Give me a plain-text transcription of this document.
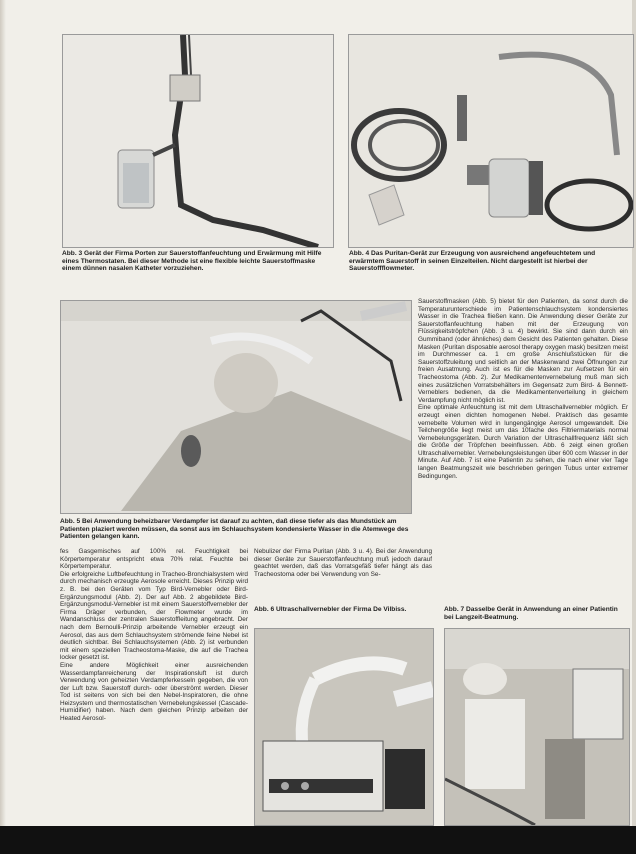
Abb. 3 Gerät der Firma Porten zur Sauerstoffanfeuchtung und Erwärmung mit Hilfe eines Thermostaten. Bei dieser Methode ist eine flexible leichte Sauerstoffmaske einem dünnen nasalen Katheter vorzuziehen.
Abb. 4 Das Puritan-Gerät zur Erzeugung von ausreichend angefeuchtetem und erwärmtem Sauerstoff in seinen Einzelteilen. Nicht dargestellt ist hierbei der Sauerstoffflowmeter.
Abb. 5 Bei Anwendung beheizbarer Verdampfer ist darauf zu achten, daß diese tiefer als das Mundstück am Patienten plaziert werden müssen, da sonst aus im Schlauchsystem kondensierte Wasser in die Atemwege des Patienten gelangen kann.

Sauerstoffmasken (Abb. 5) bietet für den Patienten, da sonst durch die Temperaturunterschiede im Patientenschlauchsystem kondensiertes Wasser in die Trachea fließen kann. Die Anwendung dieser Geräte zur Sauerstoffanfeuchtung haben mit der Erzeugung von Flüssigkeitströpfchen (Abb. 3 u. 4) bewirkt. Sie sind dann durch ein Gummiband (oder ähnliches) dem Gesicht des Patienten gehalten. Diese Masken (Puritan disposable aerosol therapy oxygen mask) besitzen meist im Durchmesser ca. 1 cm große Anschlußstücken für die Sauerstoffzuleitung und seitlich an der Maskenwand zwei Öffnungen zur freien Ausatmung. Auch ist es für die Masken zur Aufsetzen für ein Tracheostoma (Abb. 2). Zur Medikamentenvernebelung muß man sich eines zusätzlichen Vorratsbehälters im Gegensatz zum Bird- & Bennett-Verneblers bedienen, da die Medikamentenverteilung in gleichem Verdampfung nicht möglich ist.
Eine optimale Anfeuchtung ist mit dem Ultraschallvernebler möglich. Er erzeugt einen dichten homogenen Nebel. Praktisch das gesamte vernebelte Volumen wird in lungengängige Aerosol umgewandelt. Die Teilchengröße liegt meist um das 10fache des Filtriermaterials normal Vernebelungsgeräten. Durch Variation der Ultraschallfrequenz läßt sich die Größe der Tröpfchen beeinflussen. Abb. 6 zeigt einen großen Ultraschallvernebler. Vernebelungsleistungen über 600 ccm Wasser in der Minute. Auf Abb. 7 ist eine Patientin zu sehen, die nach einer vier Tage langen Beatmungszeit wie beschrieben geringen Tubus unter extremer Bedingungen.

fes Gasgemisches auf 100% rel. Feuchtigkeit bei Körpertemperatur entspricht etwa 70% relat. Feuchte bei Körpertemperatur.
Die erfolgreiche Luftbefeuchtung in Tracheo-Bronchialsystem wird durch mechanisch erzeugte Aerosole erreicht. Dieses Prinzip wird z. B. bei den Geräten vom Typ Bird-Vernebler oder Bird-Ergänzungsmodul (Abb. 2). Der auf Abb. 2 abgebildete Bird-Ergänzungsmodul-Vernebler ist mit einem Sauerstoffvernebler der Firma Dräger verbunden, der Flowmeter wurde im Wandanschluss der zentralen Sauerstoffleitung angebracht. Der nach dem Bernoulli-Prinzip arbeitende Vernebler erzeugt ein Aerosol, das aus dem Schlauchsystem strömende feine Nebel ist deutlich sichtbar. Bei Schlauchsystemen (Abb. 2) ist verbunden mit einem speziellen Tracheostoma-Maske, die auf die Trachea locker gesetzt ist.
Eine andere Möglichkeit einer ausreichenden Wasserdampfanreicherung der Inspirationsluft ist durch Verwendung von geheizten Verdampferkesseln gegeben, die von der Luft bzw. Sauerstoff durch- oder überströmt werden. Dieser Tod ist seitens von sich bei den Nebel-Inspiratoren, die ohne Heizsystem und thermostatischen Vernebelungskessel (Cascade-Humidifier) haben. Nach dem gleichen Prinzip arbeiten der Heated Aerosol-

Nebulizer der Firma Puritan (Abb. 3 u. 4). Bei der Anwendung dieser Geräte zur Sauerstoffanfeuchtung muß jedoch darauf geachtet werden, daß das Vorratsgefäß tiefer hängt als das Tracheostoma oder bei Verwendung von Se-

Abb. 6 Ultraschallvernebler der Firma De Vilbiss.	Abb. 7 Dasselbe Gerät in Anwendung an einer Patientin bei Langzeit-Beatmung.
